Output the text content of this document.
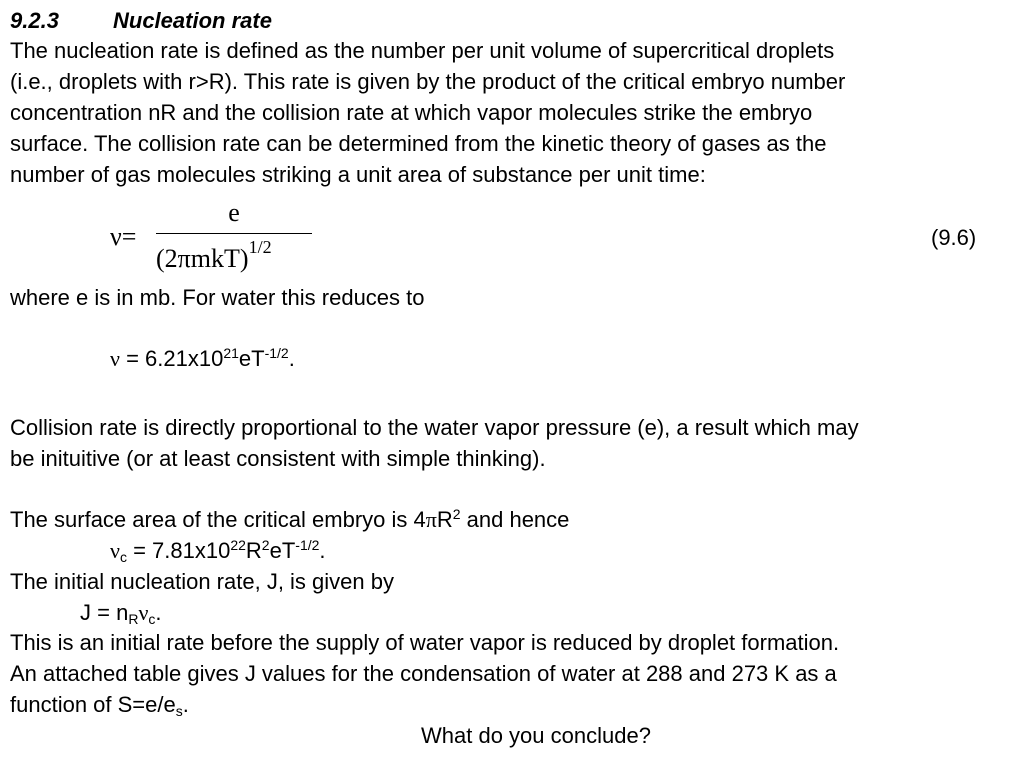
9.2.3 Nucleation rate
The nucleation rate is defined as the number per unit volume of supercritical droplets
(i.e., droplets with r>R). This rate is given by the product of the critical embryo number
concentration nR and the collision rate at which vapor molecules strike the embryo
surface. The collision rate can be determined from the kinetic theory of gases as the
number of gas molecules striking a unit area of substance per unit time:
ν=
e
$(2\pi mkT)^{1/2}$	(9.6)
where e is in mb. For water this reduces to
$\nu = 6.21x10^{21}eT^{-1/2}$.
Collision rate is directly proportional to the water vapor pressure (e), a result which may
be inituitive (or at least consistent with simple thinking).
The surface area of the critical embryo is $4\pi R^2$ and hence
$\nu_c = 7.81x10^{22}R^2eT^{-1/2}$.
The initial nucleation rate, J, is given by
$J = n_R\nu_c$.
This is an initial rate before the supply of water vapor is reduced by droplet formation.
An attached table gives J values for the condensation of water at 288 and 273 K as a
function of $S=e/e_s$.
What do you conclude?
